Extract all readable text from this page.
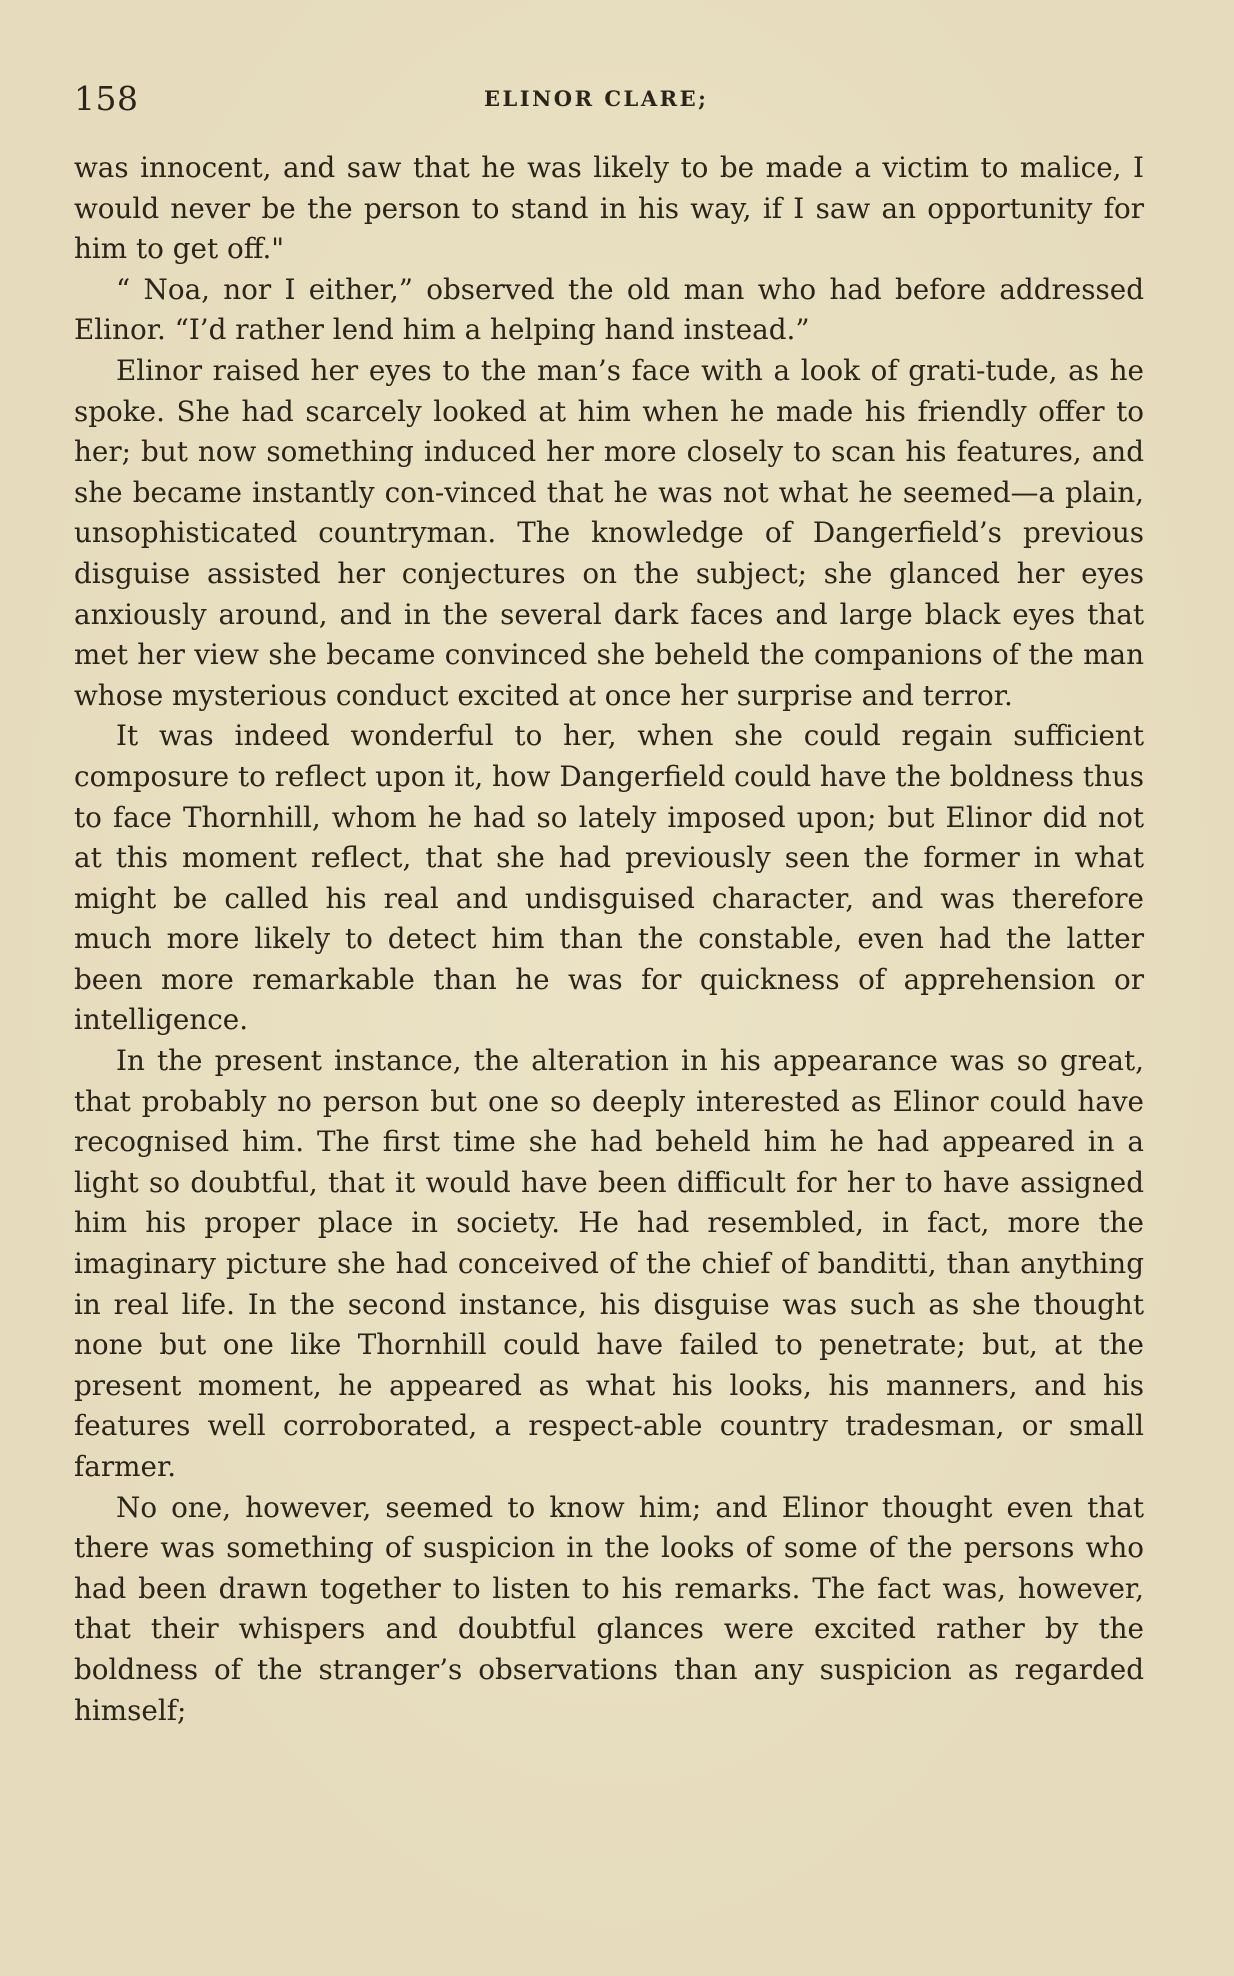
158	ELINOR CLARE;

was innocent, and saw that he was likely to be made a victim to malice, I would never be the person to stand in his way, if I saw an opportunity for him to get off."

“ Noa, nor I either,” observed the old man who had before addressed Elinor. “I’d rather lend him a helping hand instead.”

Elinor raised her eyes to the man’s face with a look of grati-tude, as he spoke. She had scarcely looked at him when he made his friendly offer to her; but now something induced her more closely to scan his features, and she became instantly con-vinced that he was not what he seemed—a plain, unsophisticated countryman. The knowledge of Dangerfield’s previous disguise assisted her conjectures on the subject; she glanced her eyes anxiously around, and in the several dark faces and large black eyes that met her view she became convinced she beheld the companions of the man whose mysterious conduct excited at once her surprise and terror.

It was indeed wonderful to her, when she could regain sufficient composure to reflect upon it, how Dangerfield could have the boldness thus to face Thornhill, whom he had so lately imposed upon; but Elinor did not at this moment reflect, that she had previously seen the former in what might be called his real and undisguised character, and was therefore much more likely to detect him than the constable, even had the latter been more remarkable than he was for quickness of apprehension or intelligence.

In the present instance, the alteration in his appearance was so great, that probably no person but one so deeply interested as Elinor could have recognised him. The first time she had beheld him he had appeared in a light so doubtful, that it would have been difficult for her to have assigned him his proper place in society. He had resembled, in fact, more the imaginary picture she had conceived of the chief of banditti, than anything in real life. In the second instance, his disguise was such as she thought none but one like Thornhill could have failed to penetrate; but, at the present moment, he appeared as what his looks, his manners, and his features well corroborated, a respect-able country tradesman, or small farmer.

No one, however, seemed to know him; and Elinor thought even that there was something of suspicion in the looks of some of the persons who had been drawn together to listen to his remarks. The fact was, however, that their whispers and doubtful glances were excited rather by the boldness of the stranger’s observations than any suspicion as regarded himself;
